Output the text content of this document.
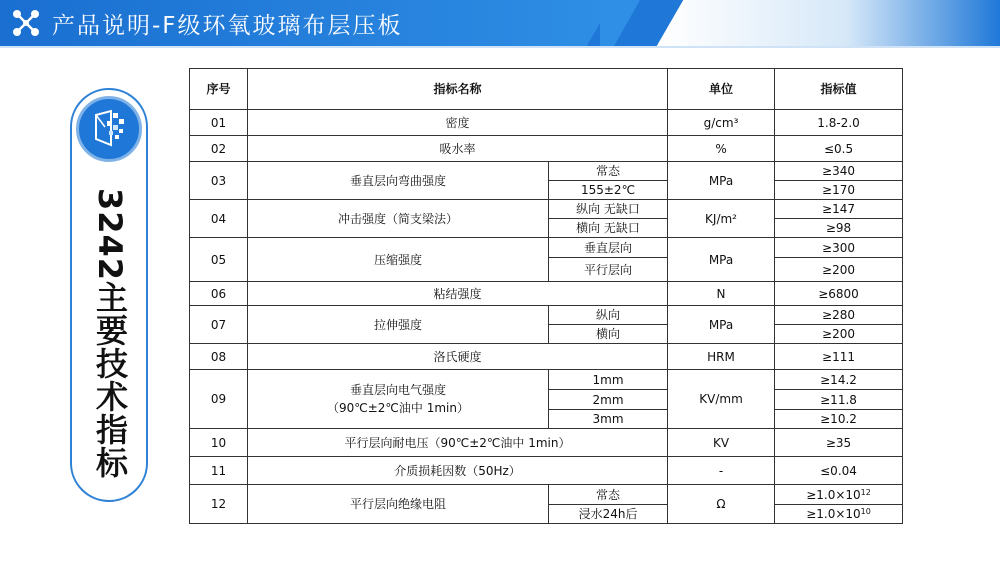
产品说明-F级环氧玻璃布层压板
3242主要技术指标
序号	指标名称		单位	指标值
01	密度		g/cm³	1.8-2.0
02	吸水率		%	≤0.5
03	垂直层向弯曲强度	常态	MPa	≥340
		155±2℃		≥170
04	冲击强度（简支梁法）	纵向 无缺口	KJ/m²	≥147
		横向 无缺口		≥98
05	压缩强度	垂直层向	MPa	≥300
		平行层向		≥200
06	粘结强度		N	≥6800
07	拉伸强度	纵向	MPa	≥280
		横向		≥200
08	洛氏硬度		HRM	≥111
09	垂直层向电气强度
（90℃±2℃油中 1min）	1mm	KV/mm	≥14.2
		2mm		≥11.8
		3mm		≥10.2
10	平行层向耐电压（90℃±2℃油中 1min）		KV	≥35
11	介质损耗因数（50Hz）		-	≤0.04
12	平行层向绝缘电阻	常态	Ω	$\ge 1.0\times 10^{12}$
		浸水24h后		$\ge 1.0\times 10^{10}$
